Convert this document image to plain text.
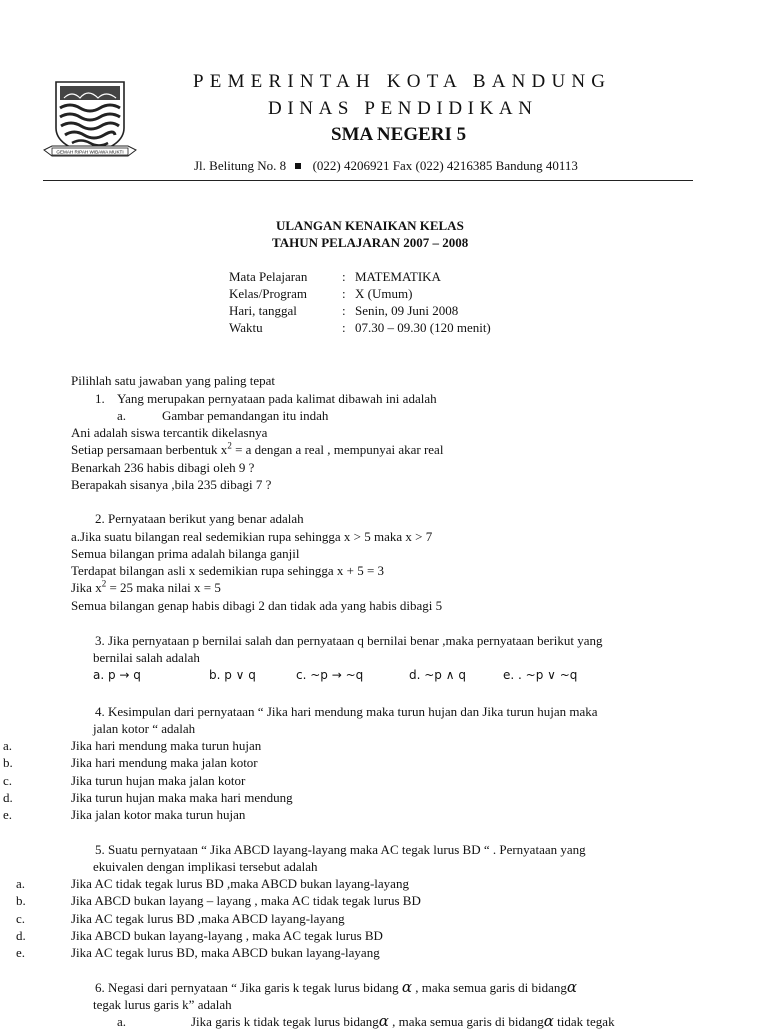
GEMAH RIPAH WIBAWA MUKTI
PEMERINTAH KOTA BANDUNG
DINAS PENDIDIKAN
SMA NEGERI 5
Jl. Belitung No. 8 (022) 4206921 Fax (022) 4216385 Bandung 40113
ULANGAN KENAIKAN KELAS
TAHUN PELAJARAN 2007 – 2008
Mata Pelajaran	: MATEMATIKA
Kelas/Program	: X (Umum)
Hari, tanggal	: Senin, 09 Juni 2008
Waktu	: 07.30 – 09.30 (120 menit)
Pilihlah satu jawaban yang paling tepat
1. Yang merupakan pernyataan pada kalimat dibawah ini adalah
a.	Gambar pemandangan itu indah
Ani adalah siswa tercantik dikelasnya
Setiap persamaan berbentuk $x^2 = a$ dengan a real , mempunyai akar real
Benarkah 236 habis dibagi oleh 9 ?
Berapakah sisanya ,bila 235 dibagi 7 ?
2. Pernyataan berikut yang benar adalah
a.Jika suatu bilangan real sedemikian rupa sehingga x > 5 maka x > 7
Semua bilangan prima adalah bilanga ganjil
Terdapat bilangan asli x sedemikian rupa sehingga x + 5 = 3
Jika $x^2 = 25$ maka nilai x = 5
Semua bilangan genap habis dibagi 2 dan tidak ada yang habis dibagi 5
3. Jika pernyataan p bernilai salah dan pernyataan q bernilai benar ,maka pernyataan berikut yang
bernilai salah adalah
a. p → q	b. p ∨ q	c. ~p → ~q	d. ~p ∧ q	e. . ~p ∨ ~q
4. Kesimpulan dari pernyataan “ Jika hari mendung maka turun hujan dan Jika turun hujan maka
jalan kotor “ adalah
a.	Jika hari mendung maka turun hujan
b.	Jika hari mendung maka jalan kotor
c.	Jika turun hujan maka jalan kotor
d.	Jika turun hujan maka maka hari mendung
e.	Jika jalan kotor maka turun hujan
5. Suatu pernyataan “ Jika ABCD layang-layang maka AC tegak lurus BD “ . Pernyataan yang
ekuivalen dengan implikasi tersebut adalah
a.	Jika AC tidak tegak lurus BD ,maka ABCD bukan layang-layang
b.	Jika ABCD bukan layang – layang , maka AC tidak tegak lurus BD
c.	Jika AC tegak lurus BD ,maka ABCD layang-layang
d.	Jika ABCD bukan layang-layang , maka AC tegak lurus BD
e.	Jika AC tegak lurus BD, maka ABCD bukan layang-layang
6. Negasi dari pernyataan “ Jika garis k tegak lurus bidang α , maka semua garis di bidangα
tegak lurus garis k” adalah
a.	Jika garis k tidak tegak lurus bidangα , maka semua garis di bidangα tidak tegak
